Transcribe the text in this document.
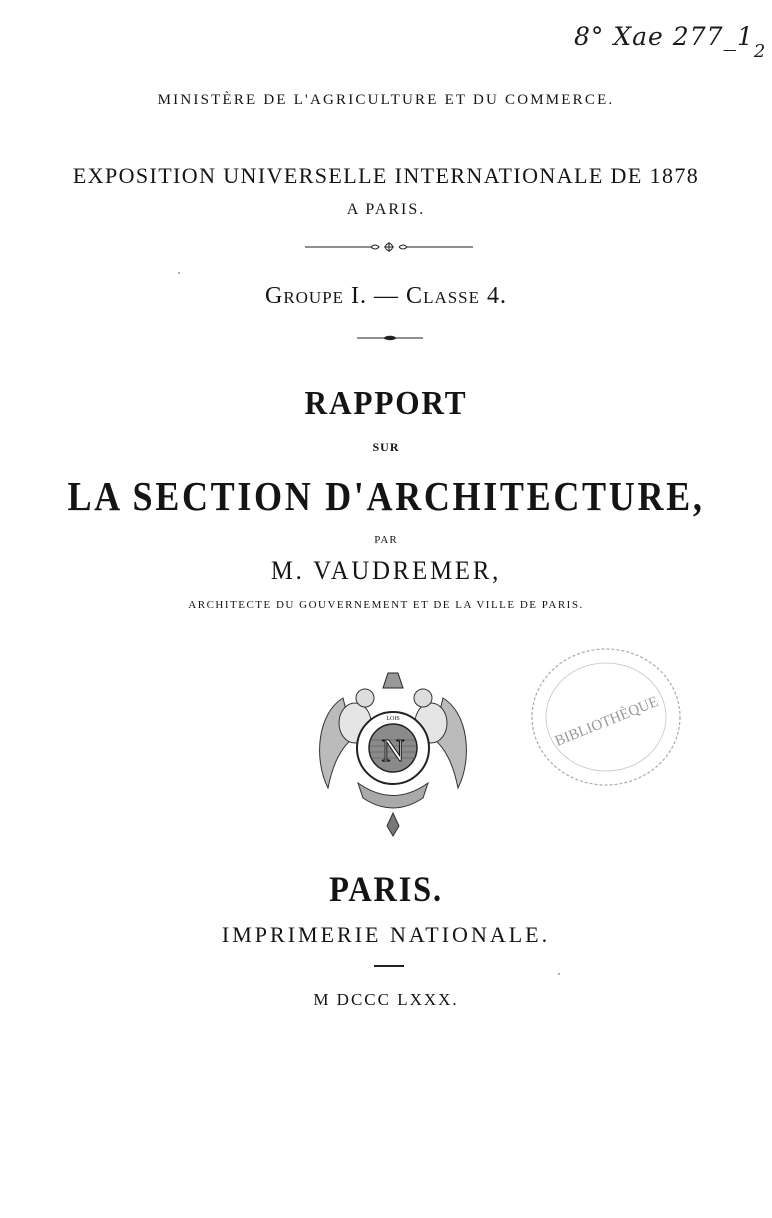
8° Xae $277\_1_2$
MINISTÈRE DE L'AGRICULTURE ET DU COMMERCE.
EXPOSITION UNIVERSELLE INTERNATIONALE DE 1878
A PARIS.
GROUPE I. — CLASSE 4.
RAPPORT
SUR
LA SECTION D'ARCHITECTURE,
PAR
M. VAUDREMER,
ARCHITECTE DU GOUVERNEMENT ET DE LA VILLE DE PARIS.
N
LOIS	BIBLIOTHÈQUE
PARIS.
IMPRIMERIE NATIONALE.
M DCCC LXXX.
